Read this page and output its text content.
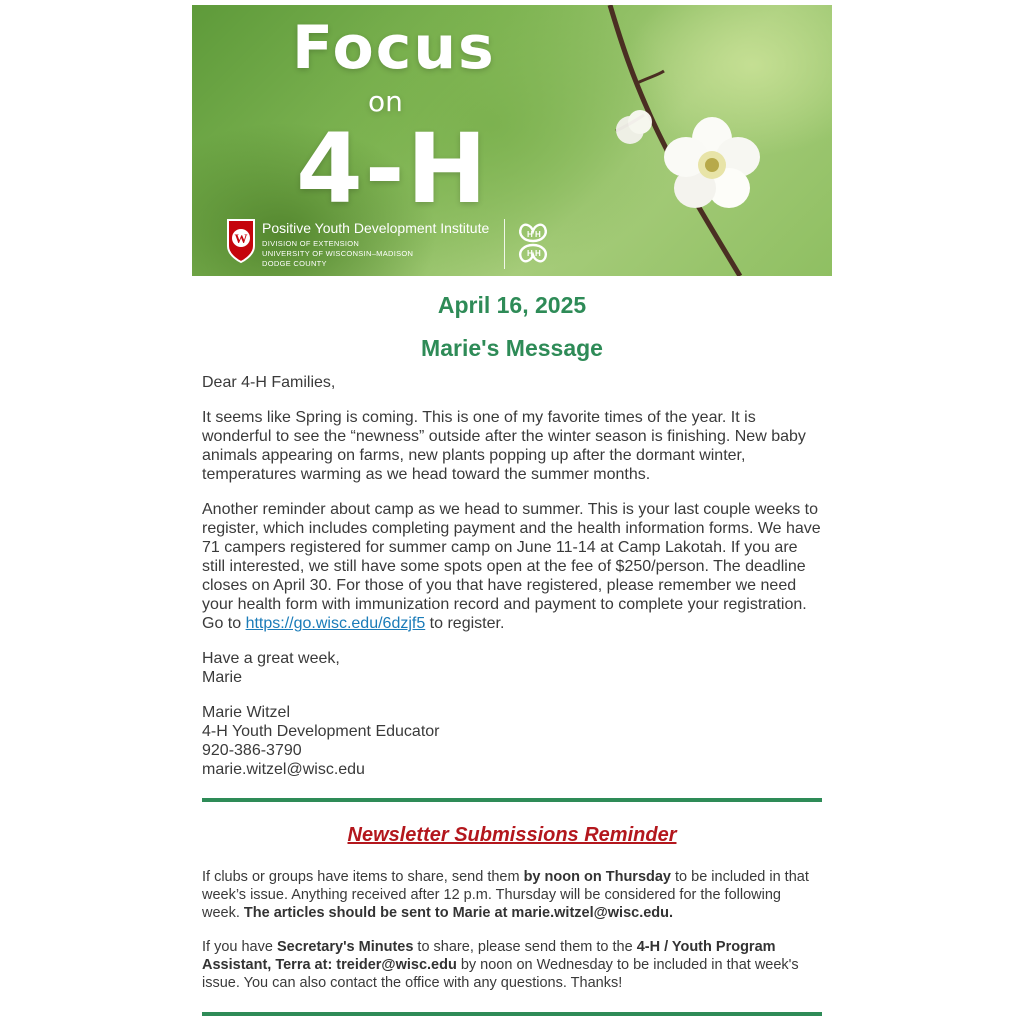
Focus
on
4-H
W
Positive Youth Development Institute
DIVISION OF EXTENSION
UNIVERSITY OF WISCONSIN–MADISON
DODGE COUNTY
H H
H H
April 16, 2025
Marie's Message

Dear 4-H Families,

It seems like Spring is coming. This is one of my favorite times of the year. It is wonderful to see the “newness” outside after the winter season is finishing. New baby animals appearing on farms, new plants popping up after the dormant winter, temperatures warming as we head toward the summer months.

Another reminder about camp as we head to summer. This is your last couple weeks to register, which includes completing payment and the health information forms. We have 71 campers registered for summer camp on June 11-14 at Camp Lakotah. If you are still interested, we still have some spots open at the fee of $250/person. The deadline closes on April 30. For those of you that have registered, please remember we need your health form with immunization record and payment to complete your registration. Go to https://go.wisc.edu/6dzjf5 to register.

Have a great week,

Marie

Marie Witzel

4-H Youth Development Educator

920-386-3790

marie.witzel@wisc.edu

Newsletter Submissions Reminder
If clubs or groups have items to share, send them by noon on Thursday to be included in that week’s issue. Anything received after 12 p.m. Thursday will be considered for the following week. The articles should be sent to Marie at marie.witzel@wisc.edu.
If you have Secretary's Minutes to share, please send them to the 4-H / Youth Program Assistant, Terra at: treider@wisc.edu by noon on Wednesday to be included in that week's issue. You can also contact the office with any questions. Thanks!
